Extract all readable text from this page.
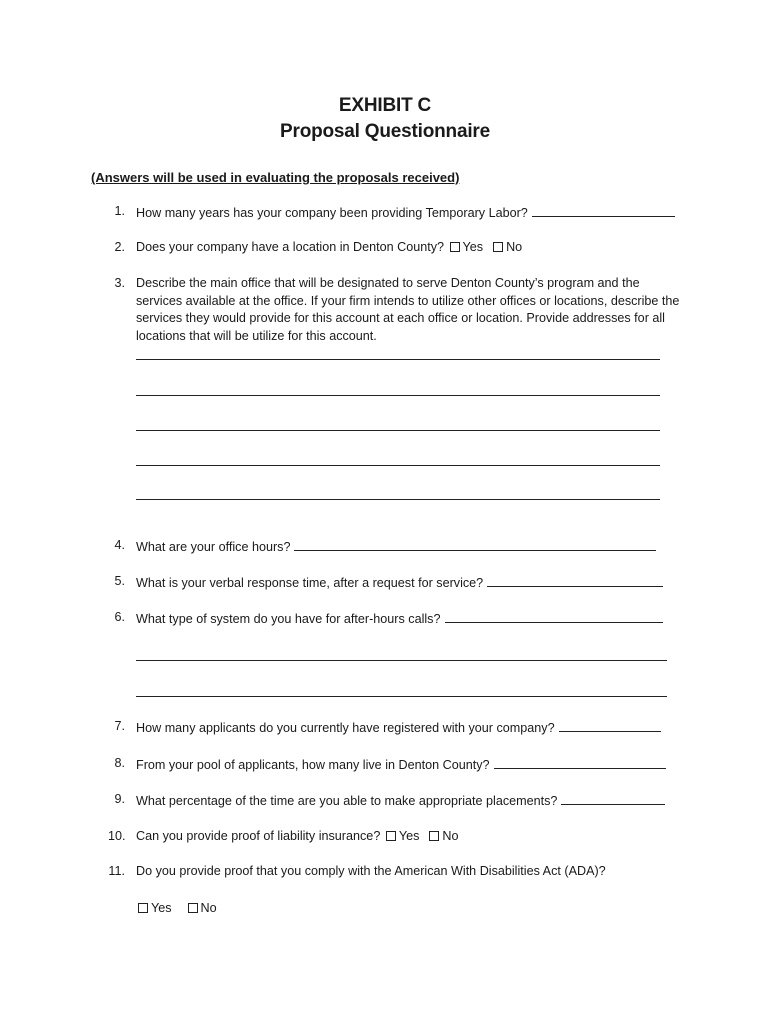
EXHIBIT C
Proposal Questionnaire
(Answers will be used in evaluating the proposals received)
1. How many years has your company been providing Temporary Labor?
2. Does your company have a location in Denton County? Yes No
3. Describe the main office that will be designated to serve Denton County’s program and the services available at the office. If your firm intends to utilize other offices or locations, describe the services they would provide for this account at each office or location. Provide addresses for all locations that will be utilize for this account.
4. What are your office hours?
5. What is your verbal response time, after a request for service?
6. What type of system do you have for after-hours calls?
7. How many applicants do you currently have registered with your company?
8. From your pool of applicants, how many live in Denton County?
9. What percentage of the time are you able to make appropriate placements?
10. Can you provide proof of liability insurance? Yes No
11. Do you provide proof that you comply with the American With Disabilities Act (ADA)?
Yes No
